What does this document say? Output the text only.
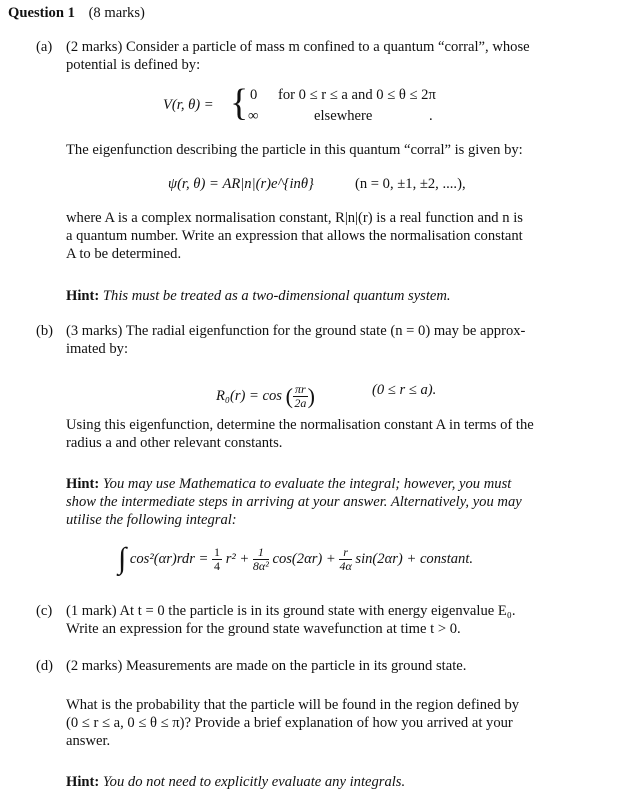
Question 1 (8 marks)
(a) (2 marks) Consider a particle of mass m confined to a quantum “corral”, whose
potential is defined by:
V(r, θ) = { 0 for 0 ≤ r ≤ a and 0 ≤ θ ≤ 2π
∞	elsewhere	.
The eigenfunction describing the particle in this quantum “corral” is given by:
ψ(r, θ) = AR|n|(r)e^{inθ}	(n = 0, ±1, ±2, ....),
where A is a complex normalisation constant, R|n|(r) is a real function and n is
a quantum number. Write an expression that allows the normalisation constant
A to be determined.
Hint: This must be treated as a two-dimensional quantum system.
(b) (3 marks) The radial eigenfunction for the ground state (n = 0) may be approx-
imated by:
R₀(r) = cos ( $\frac{\pi r}{2a}$ )	(0 ≤ r ≤ a).
Using this eigenfunction, determine the normalisation constant A in terms of the
radius a and other relevant constants.
Hint: You may use Mathematica to evaluate the integral; however, you must
show the intermediate steps in arriving at your answer. Alternatively, you may
utilise the following integral:
∫ $\cos^2(\alpha r)rdr = \frac{1}{4} r^2 + \frac{1}{\text{8α²}} \cos(2\alpha r) + \frac{r}{4\alpha} \sin(2\alpha r)$ + constant.
(c) (1 mark) At t = 0 the particle is in its ground state with energy eigenvalue E₀.
Write an expression for the ground state wavefunction at time t > 0.
(d) (2 marks) Measurements are made on the particle in its ground state.
What is the probability that the particle will be found in the region defined by
(0 ≤ r ≤ a, 0 ≤ θ ≤ π)? Provide a brief explanation of how you arrived at your
answer.
Hint: You do not need to explicitly evaluate any integrals.
